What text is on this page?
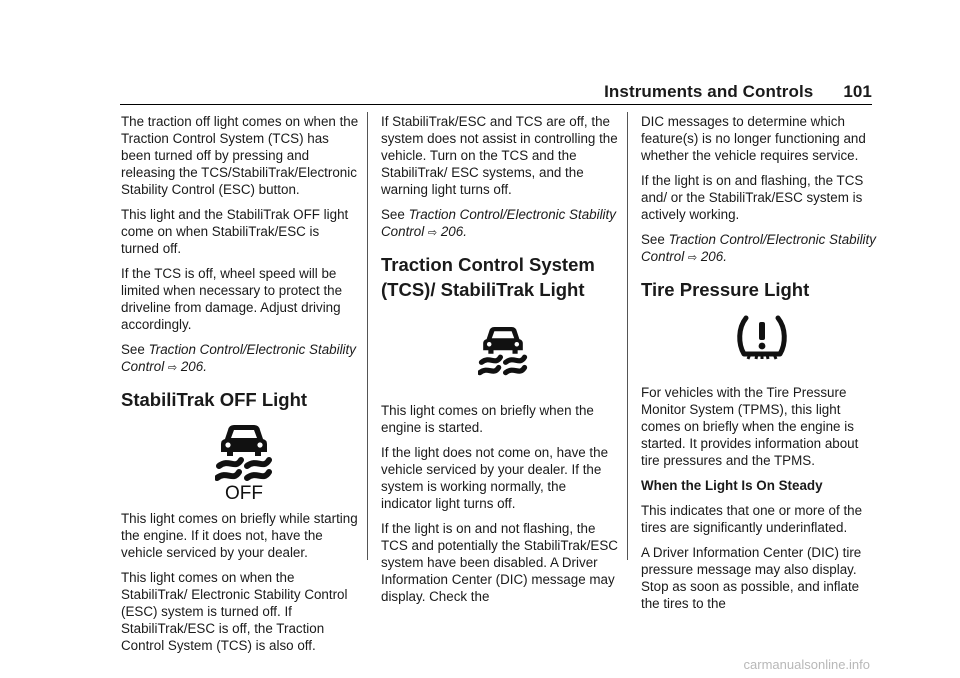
Instruments and Controls 101

The traction off light comes on when the Traction Control System (TCS) has been turned off by pressing and releasing the TCS/StabiliTrak/Electronic Stability Control (ESC) button.

This light and the StabiliTrak OFF light come on when StabiliTrak/ESC is turned off.

If the TCS is off, wheel speed will be limited when necessary to protect the driveline from damage. Adjust driving accordingly.

See Traction Control/Electronic Stability Control ⇨ 206.

StabiliTrak OFF Light
OFF

This light comes on briefly while starting the engine. If it does not, have the vehicle serviced by your dealer.

This light comes on when the StabiliTrak/ Electronic Stability Control (ESC) system is turned off. If StabiliTrak/ESC is off, the Traction Control System (TCS) is also off.

If StabiliTrak/ESC and TCS are off, the system does not assist in controlling the vehicle. Turn on the TCS and the StabiliTrak/ ESC systems, and the warning light turns off.

See Traction Control/Electronic Stability Control ⇨ 206.

Traction Control System (TCS)/ StabiliTrak Light

This light comes on briefly when the engine is started.

If the light does not come on, have the vehicle serviced by your dealer. If the system is working normally, the indicator light turns off.

If the light is on and not flashing, the TCS and potentially the StabiliTrak/ESC system have been disabled. A Driver Information Center (DIC) message may display. Check the

DIC messages to determine which feature(s) is no longer functioning and whether the vehicle requires service.

If the light is on and flashing, the TCS and/ or the StabiliTrak/ESC system is actively working.

See Traction Control/Electronic Stability Control ⇨ 206.

Tire Pressure Light

For vehicles with the Tire Pressure Monitor System (TPMS), this light comes on briefly when the engine is started. It provides information about tire pressures and the TPMS.

When the Light Is On Steady

This indicates that one or more of the tires are significantly underinflated.

A Driver Information Center (DIC) tire pressure message may also display. Stop as soon as possible, and inflate the tires to the

carmanualsonline.info
